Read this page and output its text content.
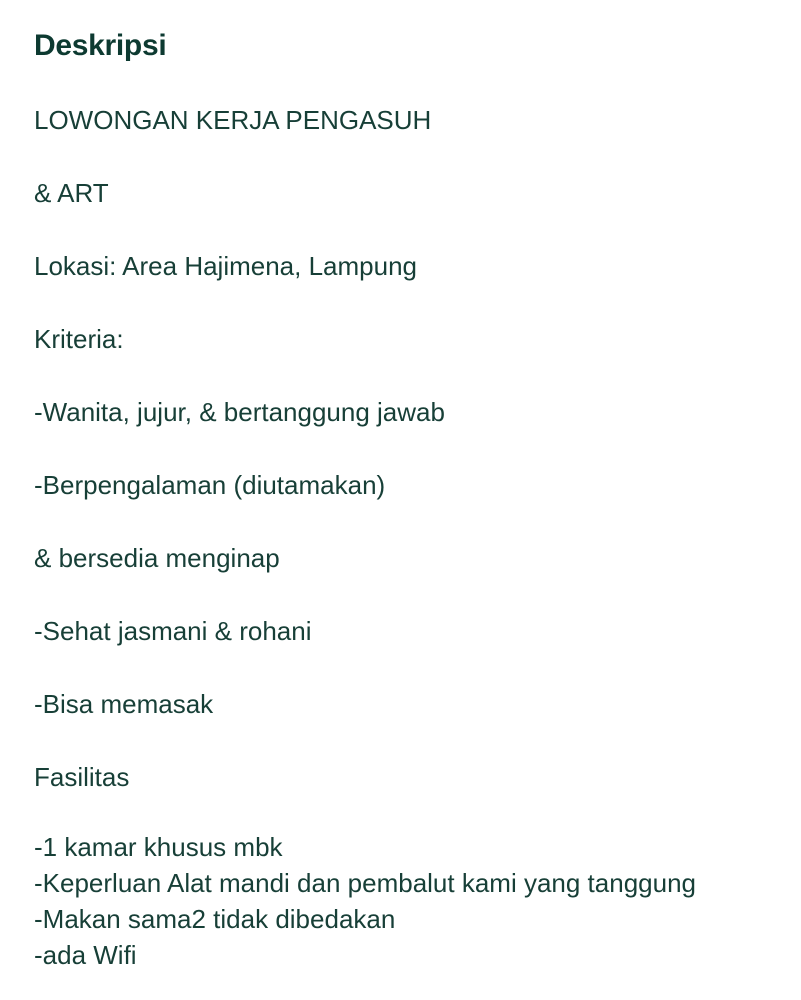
Deskripsi

LOWONGAN KERJA PENGASUH

& ART

Lokasi: Area Hajimena, Lampung

Kriteria:

-Wanita, jujur, & bertanggung jawab

-Berpengalaman (diutamakan)

& bersedia menginap

-Sehat jasmani & rohani

-Bisa memasak

Fasilitas

-1 kamar khusus mbk
-Keperluan Alat mandi dan pembalut kami yang tanggung
-Makan sama2 tidak dibedakan
-ada Wifi
